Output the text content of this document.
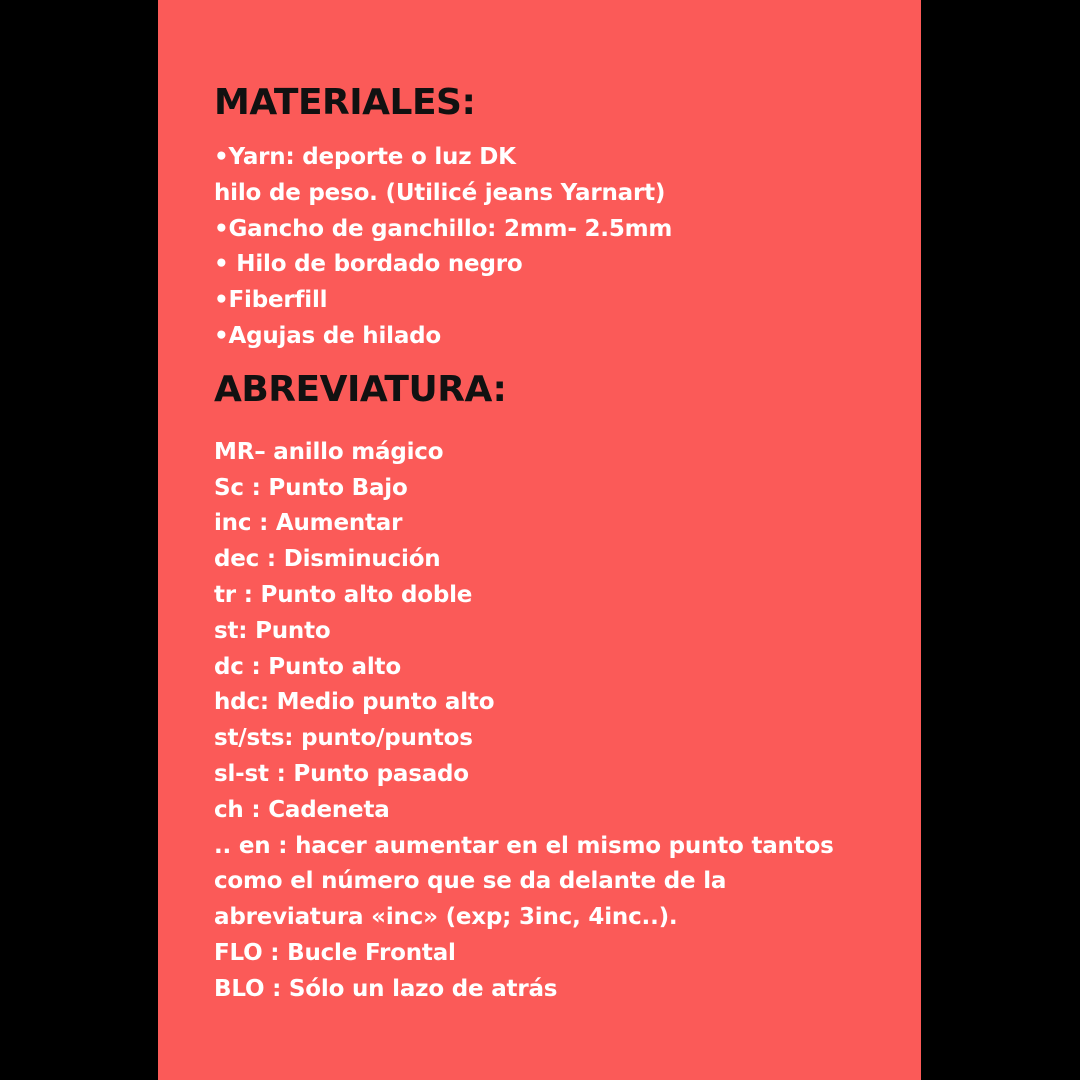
MATERIALES:
•Yarn: deporte o luz DK
hilo de peso. (Utilicé jeans Yarnart)
•Gancho de ganchillo: 2mm- 2.5mm
• Hilo de bordado negro
•Fiberfill
•Agujas de hilado
ABREVIATURA:
MR– anillo mágico
Sc : Punto Bajo
inc : Aumentar
dec : Disminución
tr : Punto alto doble
st: Punto
dc : Punto alto
hdc: Medio punto alto
st/sts: punto/puntos
sl-st : Punto pasado
ch : Cadeneta
.. en : hacer aumentar en el mismo punto tantos
como el número que se da delante de la
abreviatura «inc» (exp; 3inc, 4inc..).
FLO : Bucle Frontal
BLO : Sólo un lazo de atrás
